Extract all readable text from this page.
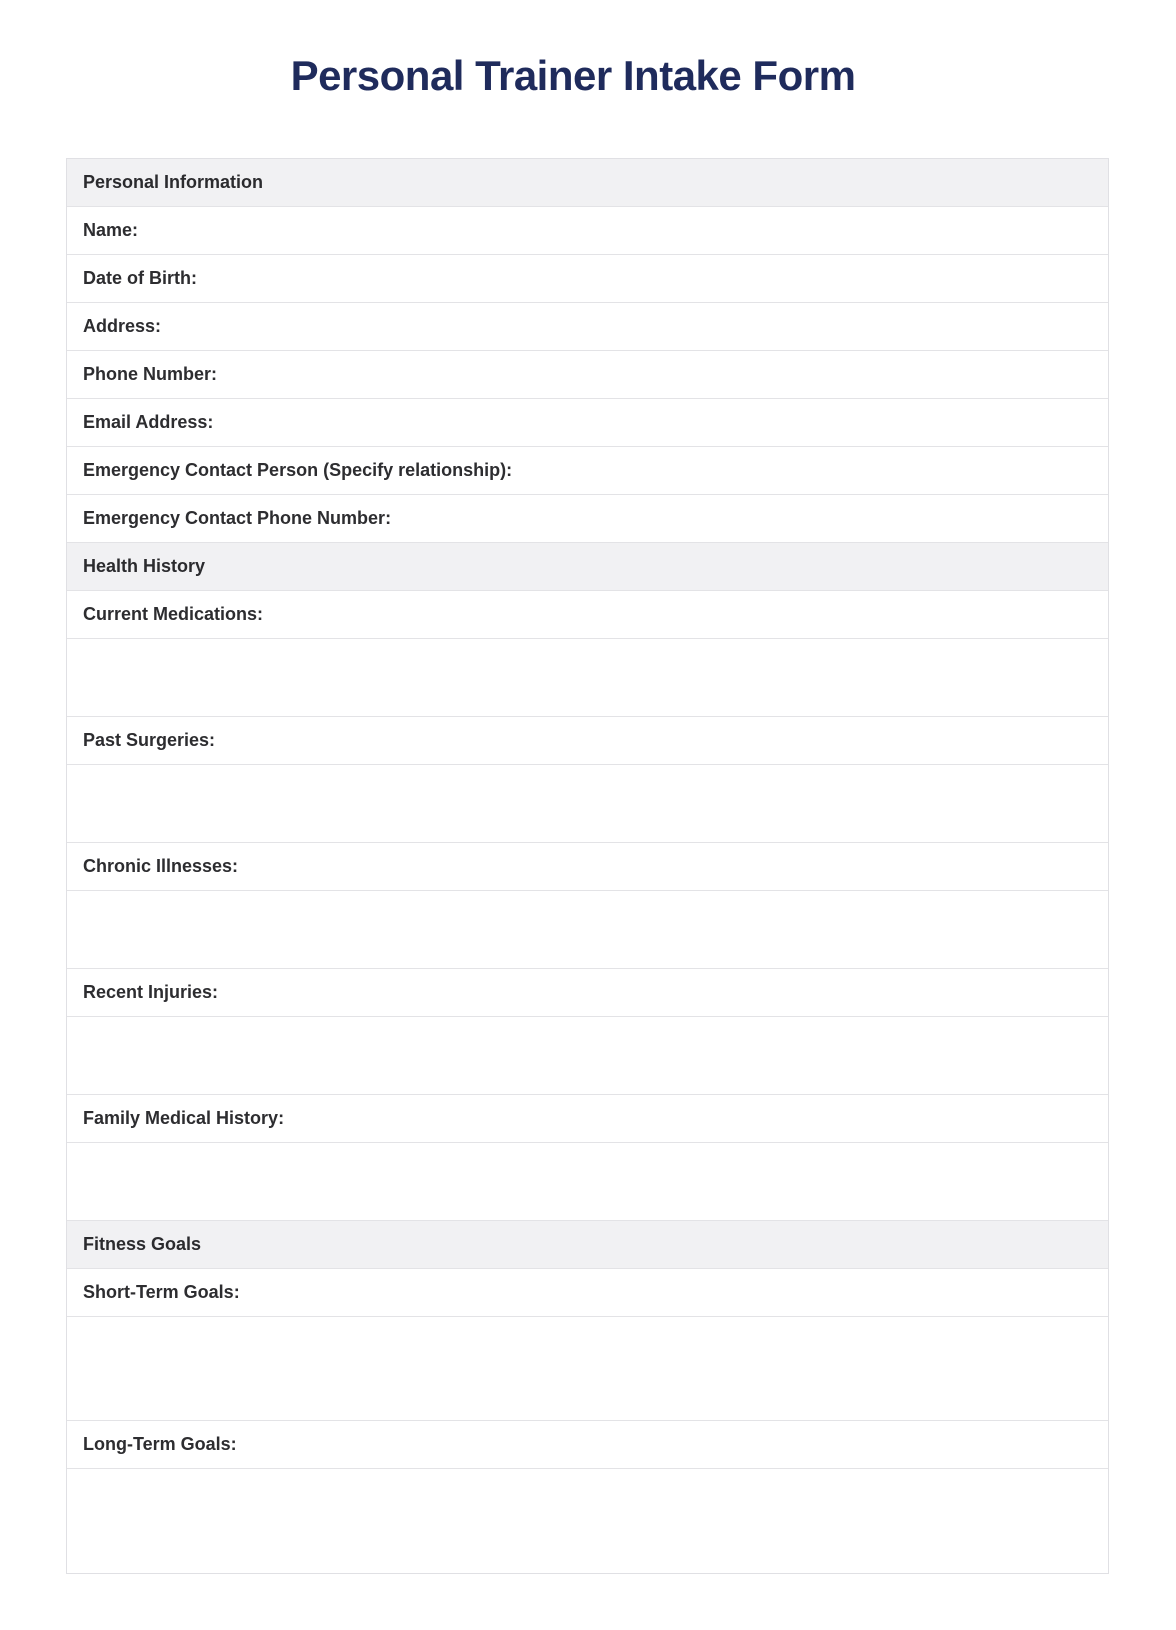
Personal Trainer Intake Form
Personal Information
Name:
Date of Birth:
Address:
Phone Number:
Email Address:
Emergency Contact Person (Specify relationship):
Emergency Contact Phone Number:
Health History
Current Medications:
Past Surgeries:
Chronic Illnesses:
Recent Injuries:
Family Medical History:
Fitness Goals
Short-Term Goals:
Long-Term Goals:
